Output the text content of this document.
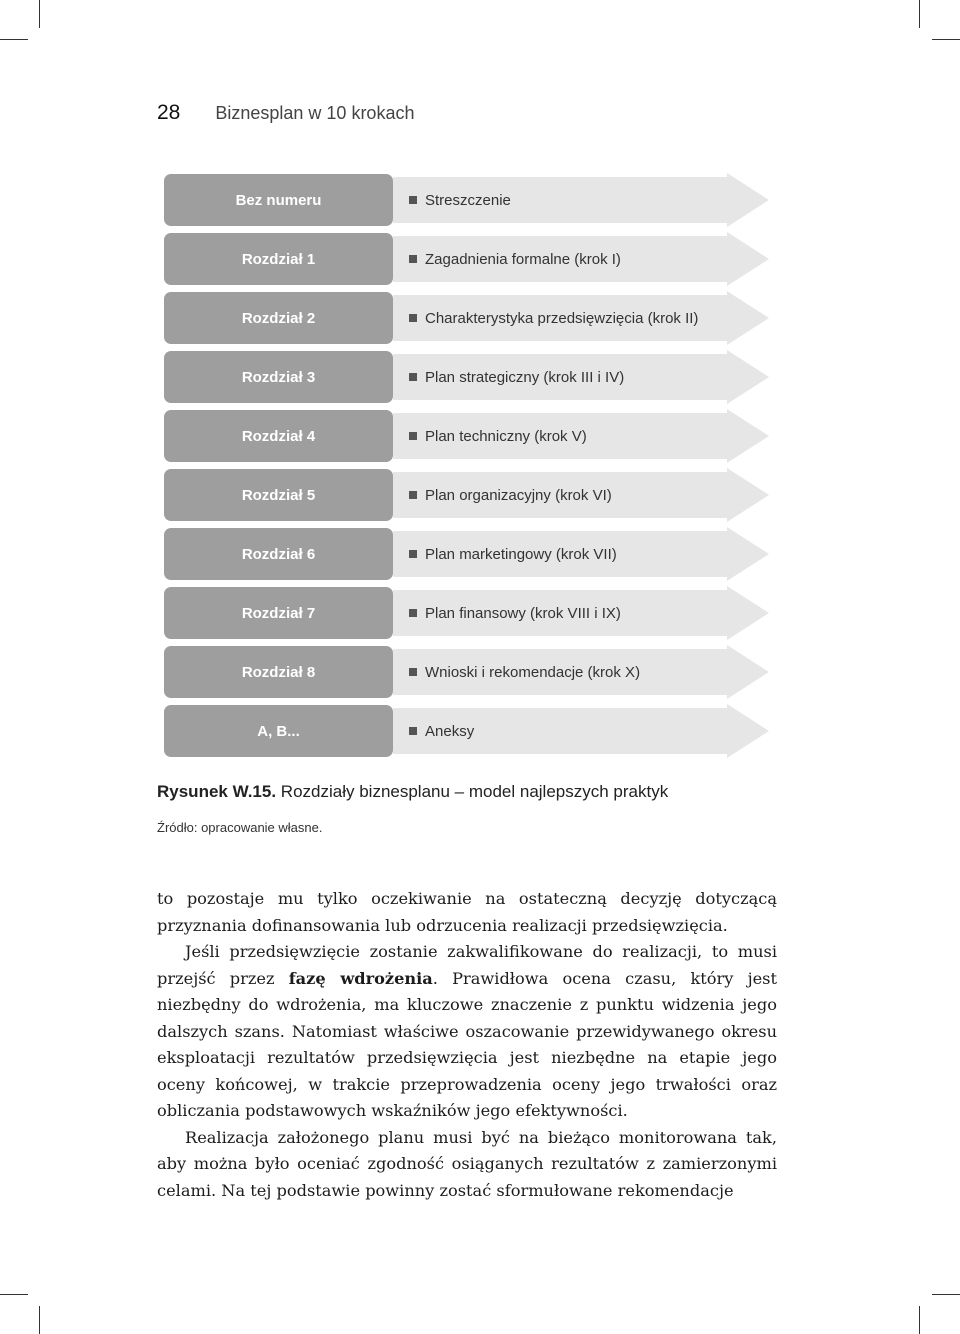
28 Biznesplan w 10 krokach
Bez numeru	Streszczenie
Rozdział 1	Zagadnienia formalne (krok I)
Rozdział 2	Charakterystyka przedsięwzięcia (krok II)
Rozdział 3	Plan strategiczny (krok III i IV)
Rozdział 4	Plan techniczny (krok V)
Rozdział 5	Plan organizacyjny (krok VI)
Rozdział 6	Plan marketingowy (krok VII)
Rozdział 7	Plan finansowy (krok VIII i IX)
Rozdział 8	Wnioski i rekomendacje (krok X)
A, B...	Aneksy
Rysunek W.15. Rozdziały biznesplanu – model najlepszych praktyk
Źródło: opracowanie własne.

to pozostaje mu tylko oczekiwanie na ostateczną decyzję dotyczącą przyznania dofinansowania lub odrzucenia realizacji przedsięwzięcia.

Jeśli przedsięwzięcie zostanie zakwalifikowane do realizacji, to musi przejść przez fazę wdrożenia. Prawidłowa ocena czasu, który jest niezbędny do wdrożenia, ma kluczowe znaczenie z punktu widzenia jego dalszych szans. Natomiast właściwe oszacowanie przewidywanego okresu eksploatacji rezultatów przedsięwzięcia jest niezbędne na etapie jego oceny końcowej, w trakcie przeprowadzenia oceny jego trwałości oraz obliczania podstawowych wskaźników jego efektywności.

Realizacja założonego planu musi być na bieżąco monitorowana tak, aby można było oceniać zgodność osiąganych rezultatów z zamierzonymi celami. Na tej podstawie powinny zostać sformułowane rekomendacje
